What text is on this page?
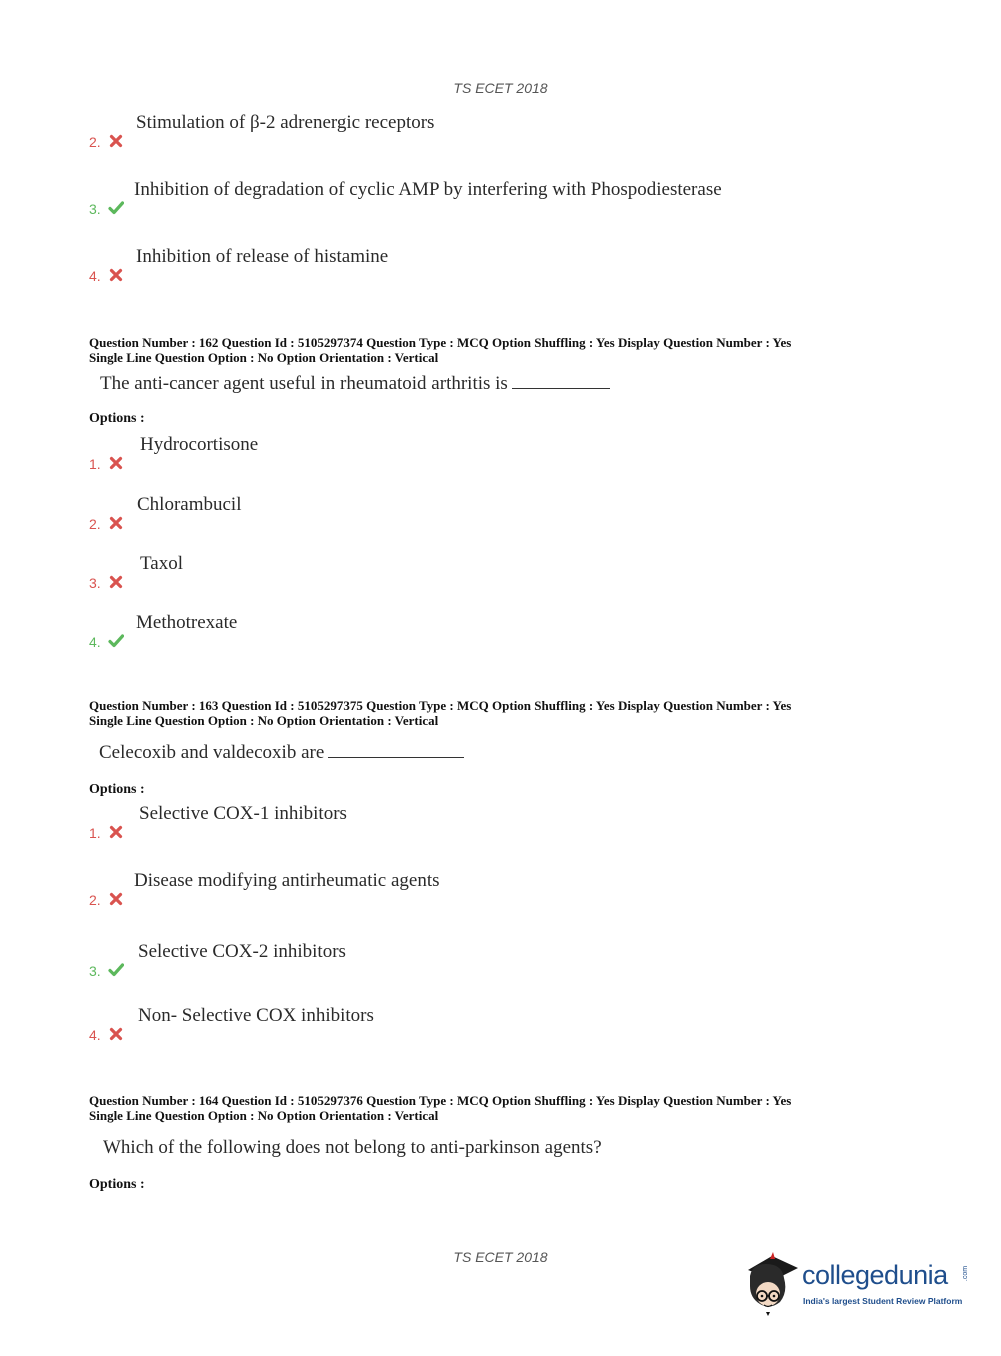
TS ECET 2018
2.
Stimulation of β-2 adrenergic receptors
3.
Inhibition of degradation of cyclic AMP by interfering with Phospodiesterase
4.
Inhibition of release of histamine
Question Number : 162 Question Id : 5105297374 Question Type : MCQ Option Shuffling : Yes Display Question Number : Yes
Single Line Question Option : No Option Orientation : Vertical
The anti-cancer agent useful in rheumatoid arthritis is
Options :
1.
Hydrocortisone
2.
Chlorambucil
3.
Taxol
4.
Methotrexate
Question Number : 163 Question Id : 5105297375 Question Type : MCQ Option Shuffling : Yes Display Question Number : Yes
Single Line Question Option : No Option Orientation : Vertical
Celecoxib and valdecoxib are
Options :
1.
Selective COX-1 inhibitors
2.
Disease modifying antirheumatic agents
3.
Selective COX-2 inhibitors
4.
Non- Selective COX inhibitors
Question Number : 164 Question Id : 5105297376 Question Type : MCQ Option Shuffling : Yes Display Question Number : Yes
Single Line Question Option : No Option Orientation : Vertical
Which of the following does not belong to anti-parkinson agents?
Options :
TS ECET 2018
collegedunia .com
India's largest Student Review Platform
